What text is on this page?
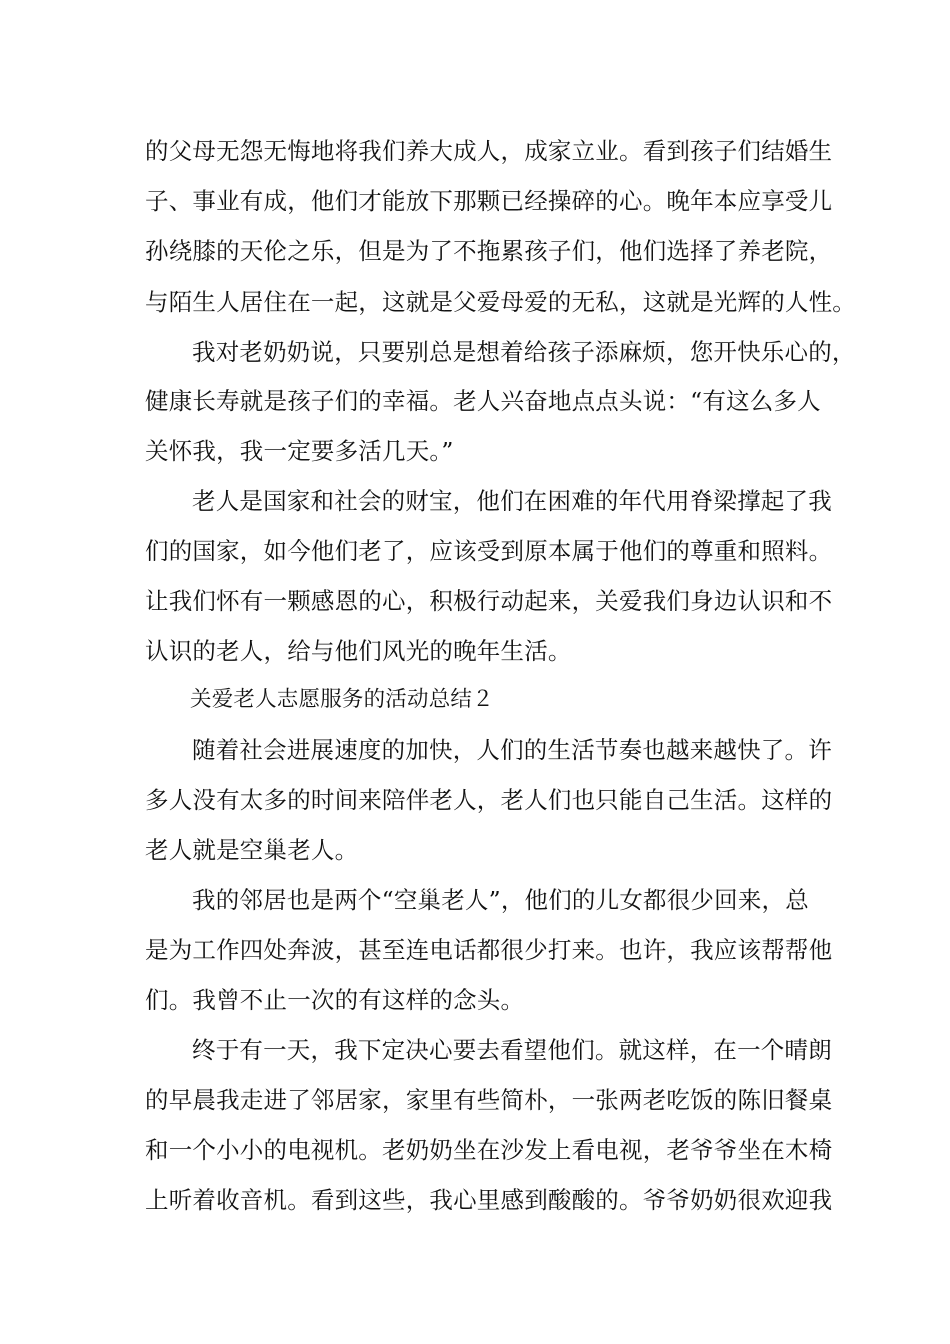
的父母无怨无悔地将我们养大成人，成家立业。看到孩子们结婚生
子、事业有成，他们才能放下那颗已经操碎的心。晚年本应享受儿
孙绕膝的天伦之乐，但是为了不拖累孩子们，他们选择了养老院，
与陌生人居住在一起，这就是父爱母爱的无私，这就是光辉的人性。
我对老奶奶说，只要别总是想着给孩子添麻烦，您开快乐心的，
健康长寿就是孩子们的幸福。老人兴奋地点点头说：“有这么多人
关怀我，我一定要多活几天。”
老人是国家和社会的财宝，他们在困难的年代用脊梁撑起了我
们的国家，如今他们老了，应该受到原本属于他们的尊重和照料。
让我们怀有一颗感恩的心，积极行动起来，关爱我们身边认识和不
认识的老人，给与他们风光的晚年生活。
关爱老人志愿服务的活动总结２
随着社会进展速度的加快，人们的生活节奏也越来越快了。许
多人没有太多的时间来陪伴老人，老人们也只能自己生活。这样的
老人就是空巢老人。
我的邻居也是两个“空巢老人”，他们的儿女都很少回来，总
是为工作四处奔波，甚至连电话都很少打来。也许，我应该帮帮他
们。我曾不止一次的有这样的念头。
终于有一天，我下定决心要去看望他们。就这样，在一个晴朗
的早晨我走进了邻居家，家里有些简朴，一张两老吃饭的陈旧餐桌
和一个小小的电视机。老奶奶坐在沙发上看电视，老爷爷坐在木椅
上听着收音机。看到这些，我心里感到酸酸的。爷爷奶奶很欢迎我
